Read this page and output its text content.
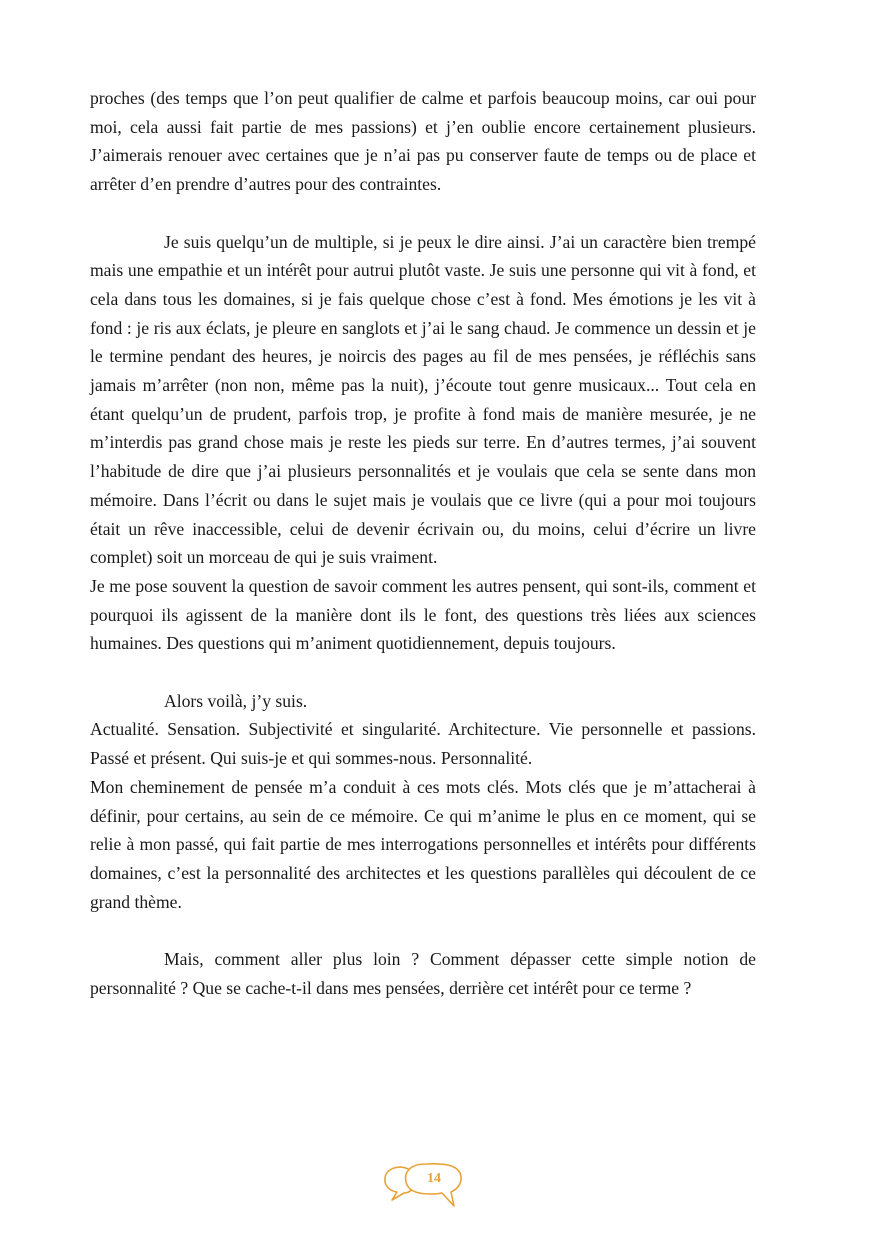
proches (des temps que l’on peut qualifier de calme et parfois beaucoup moins, car oui pour moi, cela aussi fait partie de mes passions) et j’en oublie encore certainement plusieurs. J’aimerais renouer avec certaines que je n’ai pas pu conserver faute de temps ou de place et arrêter d’en prendre d’autres pour des contraintes.

Je suis quelqu’un de multiple, si je peux le dire ainsi. J’ai un caractère bien trempé mais une empathie et un intérêt pour autrui plutôt vaste. Je suis une personne qui vit à fond, et cela dans tous les domaines, si je fais quelque chose c’est à fond. Mes émotions je les vit à fond : je ris aux éclats, je pleure en sanglots et j’ai le sang chaud. Je commence un dessin et je le termine pendant des heures, je noircis des pages au fil de mes pensées, je réfléchis sans jamais m’arrêter (non non, même pas la nuit), j’écoute tout genre musicaux... Tout cela en étant quelqu’un de prudent, parfois trop, je profite à fond mais de manière mesurée, je ne m’interdis pas grand chose mais je reste les pieds sur terre. En d’autres termes, j’ai souvent l’habitude de dire que j’ai plusieurs personnalités et je voulais que cela se sente dans mon mémoire. Dans l’écrit ou dans le sujet mais je voulais que ce livre (qui a pour moi toujours était un rêve inaccessible, celui de devenir écrivain ou, du moins, celui d’écrire un livre complet) soit un morceau de qui je suis vraiment.

Je me pose souvent la question de savoir comment les autres pensent, qui sont-ils, comment et pourquoi ils agissent de la manière dont ils le font, des questions très liées aux sciences humaines. Des questions qui m’animent quotidiennement, depuis toujours.

Alors voilà, j’y suis.

Actualité. Sensation. Subjectivité et singularité. Architecture. Vie personnelle et passions. Passé et présent. Qui suis-je et qui sommes-nous. Personnalité.

Mon cheminement de pensée m’a conduit à ces mots clés. Mots clés que je m’attacherai à définir, pour certains, au sein de ce mémoire. Ce qui m’anime le plus en ce moment, qui se relie à mon passé, qui fait partie de mes interrogations personnelles et intérêts pour différents domaines, c’est la personnalité des architectes et les questions parallèles qui découlent de ce grand thème.

Mais, comment aller plus loin ? Comment dépasser cette simple notion de personnalité ? Que se cache-t-il dans mes pensées, derrière cet intérêt pour ce terme ?

14
